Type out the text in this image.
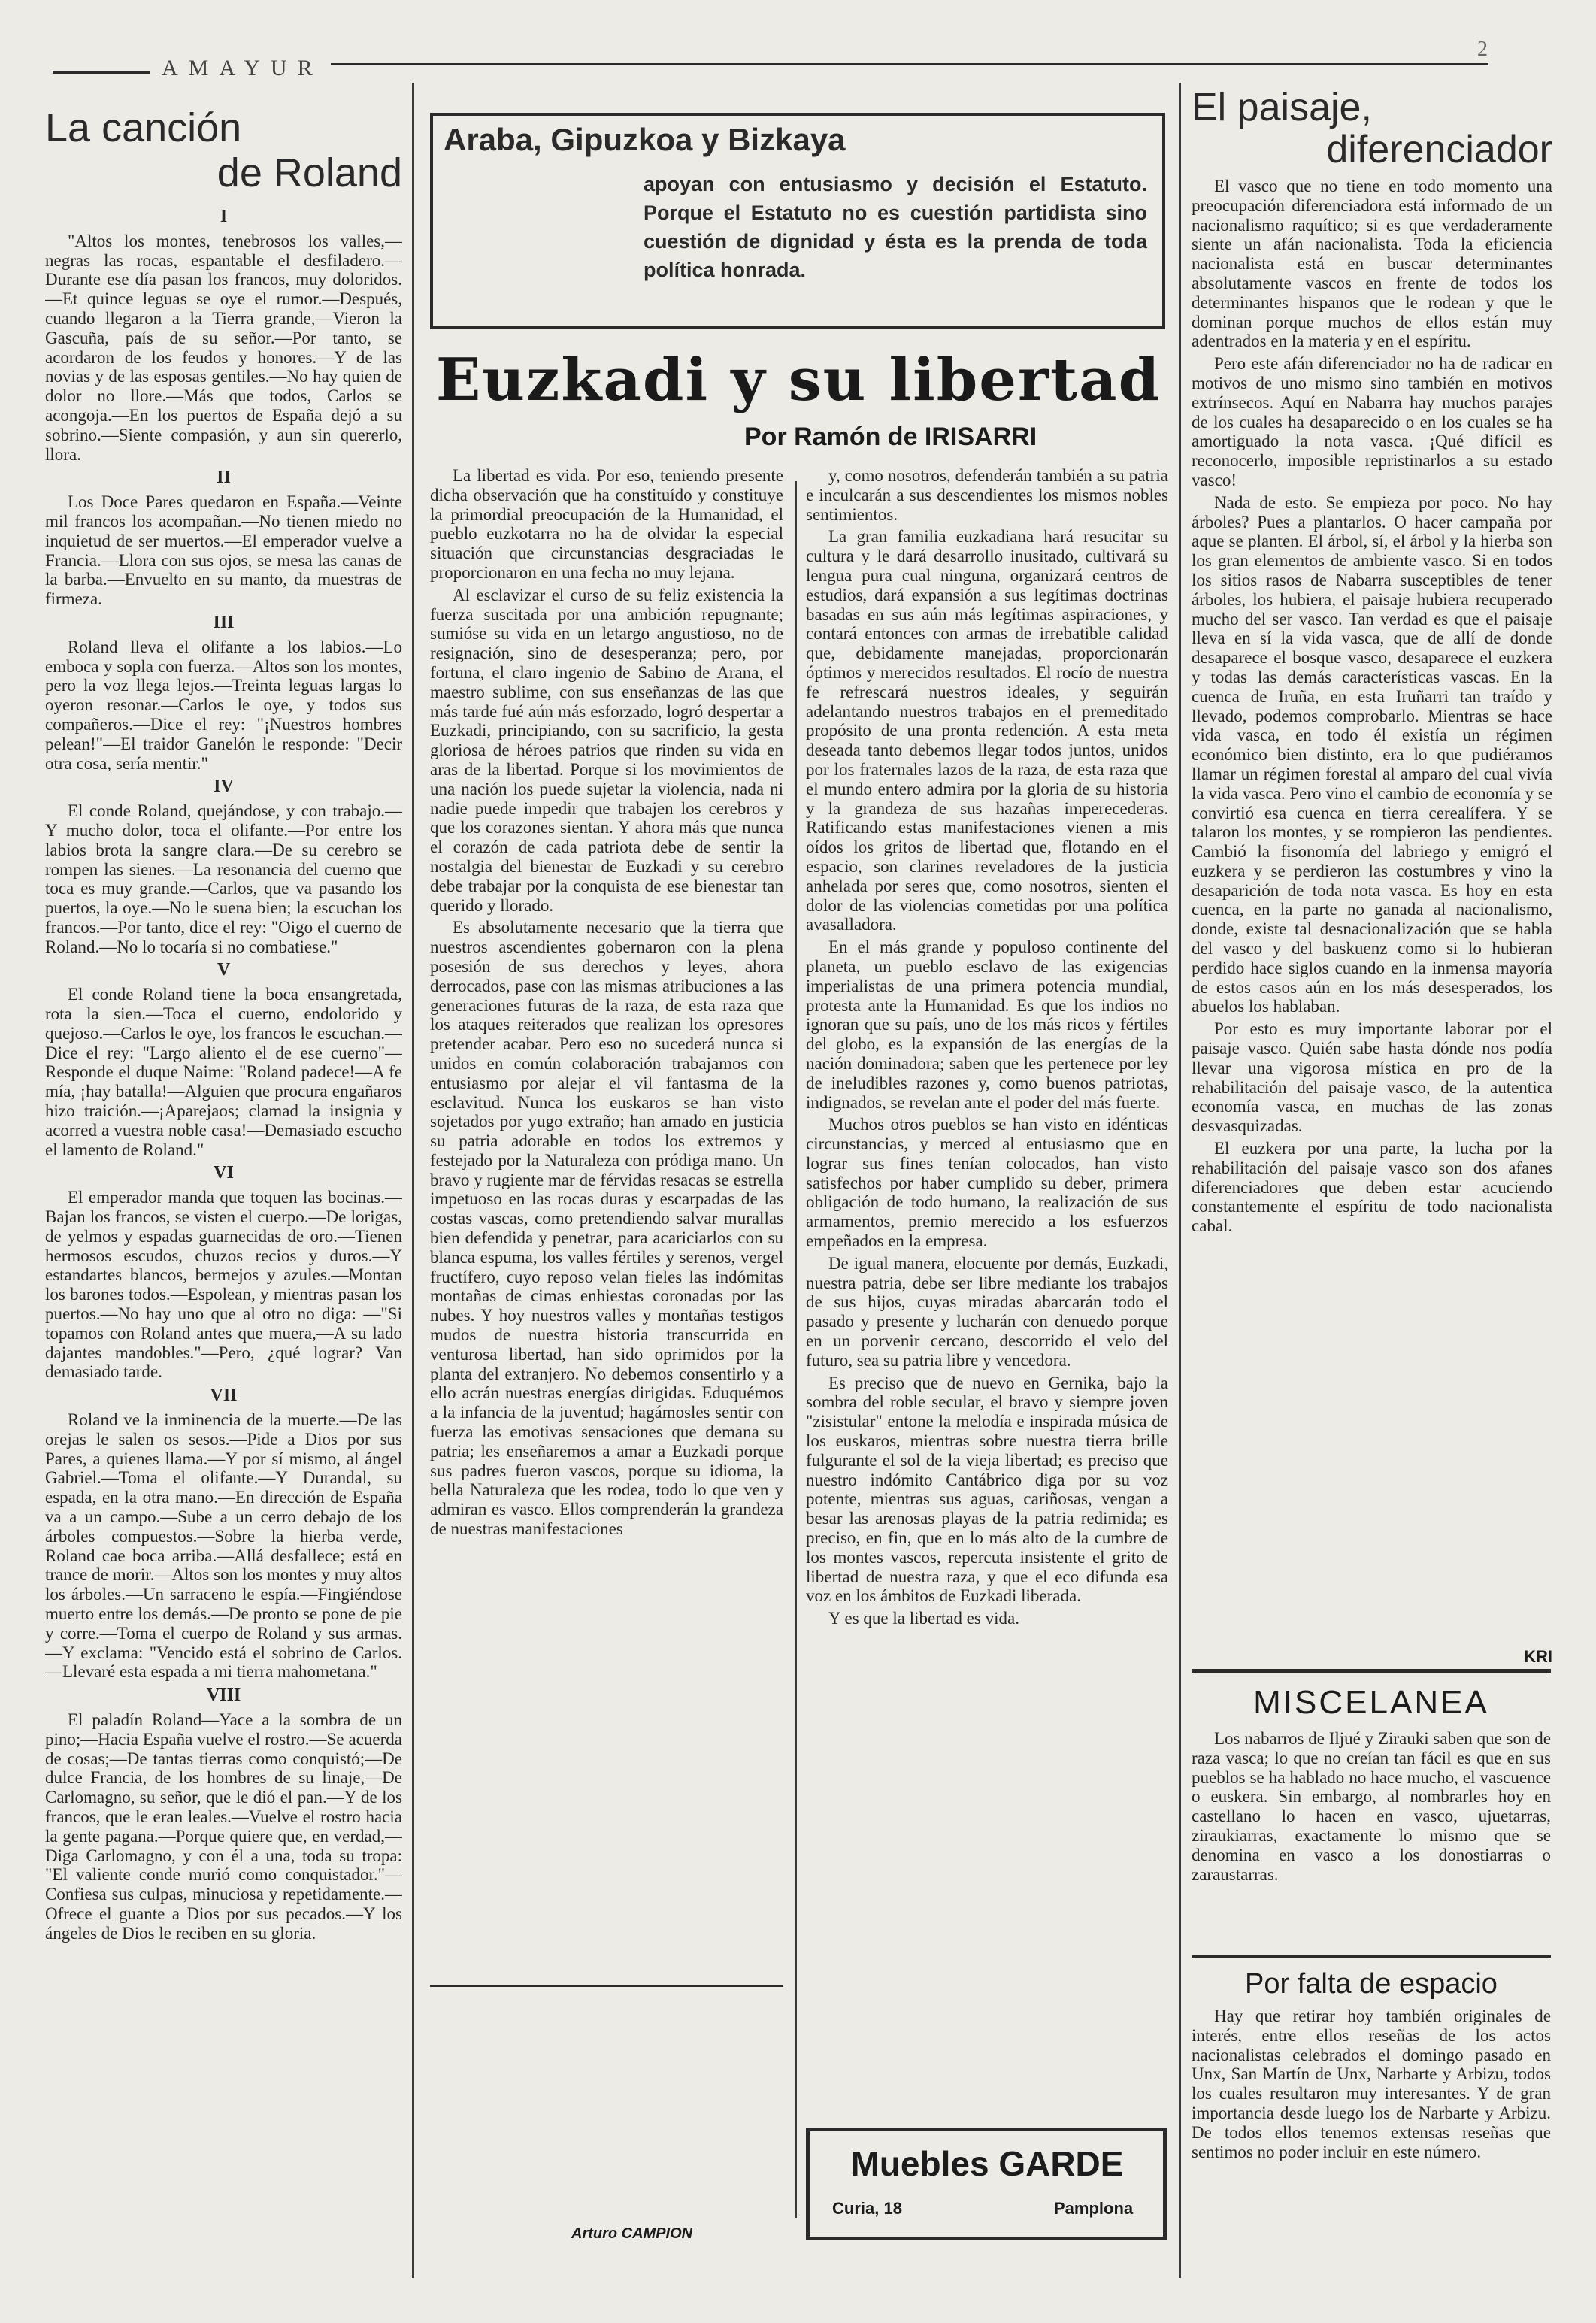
AMAYUR
2
La canción
de Roland
I

"Altos los montes, tenebrosos los valles,—negras las rocas, espantable el desfiladero.—Durante ese día pasan los francos, muy doloridos.—Et quince leguas se oye el rumor.—Después, cuando llegaron a la Tierra grande,—Vieron la Gascuña, país de su señor.—Por tanto, se acordaron de los feudos y honores.—Y de las novias y de las esposas gentiles.—No hay quien de dolor no llore.—Más que todos, Carlos se acongoja.—En los puertos de España dejó a su sobrino.—Siente compasión, y aun sin quererlo, llora.

II

Los Doce Pares quedaron en España.—Veinte mil francos los acompañan.—No tienen miedo no inquietud de ser muertos.—El emperador vuelve a Francia.—Llora con sus ojos, se mesa las canas de la barba.—Envuelto en su manto, da muestras de firmeza.

III

Roland lleva el olifante a los labios.—Lo emboca y sopla con fuerza.—Altos son los montes, pero la voz llega lejos.—Treinta leguas largas lo oyeron resonar.—Carlos le oye, y todos sus compañeros.—Dice el rey: "¡Nuestros hombres pelean!"—El traidor Ganelón le responde: "Decir otra cosa, sería mentir."

IV

El conde Roland, quejándose, y con trabajo.—Y mucho dolor, toca el olifante.—Por entre los labios brota la sangre clara.—De su cerebro se rompen las sienes.—La resonancia del cuerno que toca es muy grande.—Carlos, que va pasando los puertos, la oye.—No le suena bien; la escuchan los francos.—Por tanto, dice el rey: "Oigo el cuerno de Roland.—No lo tocaría si no combatiese."

V

El conde Roland tiene la boca ensangretada, rota la sien.—Toca el cuerno, endolorido y quejoso.—Carlos le oye, los francos le escuchan.—Dice el rey: "Largo aliento el de ese cuerno"—Responde el duque Naime: "Roland padece!—A fe mía, ¡hay batalla!—Alguien que procura engañaros hizo traición.—¡Aparejaos; clamad la insignia y acorred a vuestra noble casa!—Demasiado escucho el lamento de Roland."

VI

El emperador manda que toquen las bocinas.—Bajan los francos, se visten el cuerpo.—De lorigas, de yelmos y espadas guarnecidas de oro.—Tienen hermosos escudos, chuzos recios y duros.—Y estandartes blancos, bermejos y azules.—Montan los barones todos.—Espolean, y mientras pasan los puertos.—No hay uno que al otro no diga: —"Si topamos con Roland antes que muera,—A su lado dajantes mandobles."—Pero, ¿qué lograr? Van demasiado tarde.

VII

Roland ve la inminencia de la muerte.—De las orejas le salen os sesos.—Pide a Dios por sus Pares, a quienes llama.—Y por sí mismo, al ángel Gabriel.—Toma el olifante.—Y Durandal, su espada, en la otra mano.—En dirección de España va a un campo.—Sube a un cerro debajo de los árboles compuestos.—Sobre la hierba verde, Roland cae boca arriba.—Allá desfallece; está en trance de morir.—Altos son los montes y muy altos los árboles.—Un sarraceno le espía.—Fingiéndose muerto entre los demás.—De pronto se pone de pie y corre.—Toma el cuerpo de Roland y sus armas.—Y exclama: "Vencido está el sobrino de Carlos.—Llevaré esta espada a mi tierra mahometana."

VIII

El paladín Roland—Yace a la sombra de un pino;—Hacia España vuelve el rostro.—Se acuerda de cosas;—De tantas tierras como conquistó;—De dulce Francia, de los hombres de su linaje,—De Carlomagno, su señor, que le dió el pan.—Y de los francos, que le eran leales.—Vuelve el rostro hacia la gente pagana.—Porque quiere que, en verdad,—Diga Carlomagno, y con él a una, toda su tropa: "El valiente conde murió como conquistador."—Confiesa sus culpas, minuciosa y repetidamente.—Ofrece el guante a Dios por sus pecados.—Y los ángeles de Dios le reciben en su gloria.

Arturo CAMPION
Araba, Gipuzkoa y Bizkaya
apoyan con entusiasmo y decisión el Estatuto. Porque el Estatuto no es cuestión partidista sino cuestión de dignidad y ésta es la prenda de toda política honrada.
Euzkadi y su libertad
Por Ramón de IRISARRI

La libertad es vida. Por eso, teniendo presente dicha observación que ha constituído y constituye la primordial preocupación de la Humanidad, el pueblo euzkotarra no ha de olvidar la especial situación que circunstancias desgraciadas le proporcionaron en una fecha no muy lejana.

Al esclavizar el curso de su feliz existencia la fuerza suscitada por una ambición repugnante; sumióse su vida en un letargo angustioso, no de resignación, sino de desesperanza; pero, por fortuna, el claro ingenio de Sabino de Arana, el maestro sublime, con sus enseñanzas de las que más tarde fué aún más esforzado, logró despertar a Euzkadi, principiando, con su sacrificio, la gesta gloriosa de héroes patrios que rinden su vida en aras de la libertad. Porque si los movimientos de una nación los puede sujetar la violencia, nada ni nadie puede impedir que trabajen los cerebros y que los corazones sientan. Y ahora más que nunca el corazón de cada patriota debe de sentir la nostalgia del bienestar de Euzkadi y su cerebro debe trabajar por la conquista de ese bienestar tan querido y llorado.

Es absolutamente necesario que la tierra que nuestros ascendientes gobernaron con la plena posesión de sus derechos y leyes, ahora derrocados, pase con las mismas atribuciones a las generaciones futuras de la raza, de esta raza que los ataques reiterados que realizan los opresores pretender acabar. Pero eso no sucederá nunca si unidos en común colaboración trabajamos con entusiasmo por alejar el vil fantasma de la esclavitud. Nunca los euskaros se han visto sojetados por yugo extraño; han amado en justicia su patria adorable en todos los extremos y festejado por la Naturaleza con pródiga mano. Un bravo y rugiente mar de férvidas resacas se estrella impetuoso en las rocas duras y escarpadas de las costas vascas, como pretendiendo salvar murallas bien defendida y penetrar, para acariciarlos con su blanca espuma, los valles fértiles y serenos, vergel fructífero, cuyo reposo velan fieles las indómitas montañas de cimas enhiestas coronadas por las nubes. Y hoy nuestros valles y montañas testigos mudos de nuestra historia transcurrida en venturosa libertad, han sido oprimidos por la planta del extranjero. No debemos consentirlo y a ello acrán nuestras energías dirigidas. Eduquémos a la infancia de la juventud; hagámosles sentir con fuerza las emotivas sensaciones que demana su patria; les enseñaremos a amar a Euzkadi porque sus padres fueron vascos, porque su idioma, la bella Naturaleza que les rodea, todo lo que ven y admiran es vasco. Ellos comprenderán la grandeza de nuestras manifestaciones

y, como nosotros, defenderán también a su patria e inculcarán a sus descendientes los mismos nobles sentimientos.

La gran familia euzkadiana hará resucitar su cultura y le dará desarrollo inusitado, cultivará su lengua pura cual ninguna, organizará centros de estudios, dará expansión a sus legítimas doctrinas basadas en sus aún más legítimas aspiraciones, y contará entonces con armas de irrebatible calidad que, debidamente manejadas, proporcionarán óptimos y merecidos resultados. El rocío de nuestra fe refrescará nuestros ideales, y seguirán adelantando nuestros trabajos en el premeditado propósito de una pronta redención. A esta meta deseada tanto debemos llegar todos juntos, unidos por los fraternales lazos de la raza, de esta raza que el mundo entero admira por la gloria de su historia y la grandeza de sus hazañas imperecederas. Ratificando estas manifestaciones vienen a mis oídos los gritos de libertad que, flotando en el espacio, son clarines reveladores de la justicia anhelada por seres que, como nosotros, sienten el dolor de las violencias cometidas por una política avasalladora.

En el más grande y populoso continente del planeta, un pueblo esclavo de las exigencias imperialistas de una primera potencia mundial, protesta ante la Humanidad. Es que los indios no ignoran que su país, uno de los más ricos y fértiles del globo, es la expansión de las energías de la nación dominadora; saben que les pertenece por ley de ineludibles razones y, como buenos patriotas, indignados, se revelan ante el poder del más fuerte.

Muchos otros pueblos se han visto en idénticas circunstancias, y merced al entusiasmo que en lograr sus fines tenían colocados, han visto satisfechos por haber cumplido su deber, primera obligación de todo humano, la realización de sus armamentos, premio merecido a los esfuerzos empeñados en la empresa.

De igual manera, elocuente por demás, Euzkadi, nuestra patria, debe ser libre mediante los trabajos de sus hijos, cuyas miradas abarcarán todo el pasado y presente y lucharán con denuedo porque en un porvenir cercano, descorrido el velo del futuro, sea su patria libre y vencedora.

Es preciso que de nuevo en Gernika, bajo la sombra del roble secular, el bravo y siempre joven "zisistular" entone la melodía e inspirada música de los euskaros, mientras sobre nuestra tierra brille fulgurante el sol de la vieja libertad; es preciso que nuestro indómito Cantábrico diga por su voz potente, mientras sus aguas, cariñosas, vengan a besar las arenosas playas de la patria redimida; es preciso, en fin, que en lo más alto de la cumbre de los montes vascos, repercuta insistente el grito de libertad de nuestra raza, y que el eco difunda esa voz en los ámbitos de Euzkadi liberada.

Y es que la libertad es vida.

Muebles GARDE
Curia, 18	Pamplona
El paisaje,
diferenciador

El vasco que no tiene en todo momento una preocupación diferenciadora está informado de un nacionalismo raquítico; si es que verdaderamente siente un afán nacionalista. Toda la eficiencia nacionalista está en buscar determinantes absolutamente vascos en frente de todos los determinantes hispanos que le rodean y que le dominan porque muchos de ellos están muy adentrados en la materia y en el espíritu.

Pero este afán diferenciador no ha de radicar en motivos de uno mismo sino también en motivos extrínsecos. Aquí en Nabarra hay muchos parajes de los cuales ha desaparecido o en los cuales se ha amortiguado la nota vasca. ¡Qué difícil es reconocerlo, imposible repristinarlos a su estado vasco!

Nada de esto. Se empieza por poco. No hay árboles? Pues a plantarlos. O hacer campaña por aque se planten. El árbol, sí, el árbol y la hierba son los gran elementos de ambiente vasco. Si en todos los sitios rasos de Nabarra susceptibles de tener árboles, los hubiera, el paisaje hubiera recuperado mucho del ser vasco. Tan verdad es que el paisaje lleva en sí la vida vasca, que de allí de donde desaparece el bosque vasco, desaparece el euzkera y todas las demás características vascas. En la cuenca de Iruña, en esta Iruñarri tan traído y llevado, podemos comprobarlo. Mientras se hace vida vasca, en todo él existía un régimen económico bien distinto, era lo que pudiéramos llamar un régimen forestal al amparo del cual vivía la vida vasca. Pero vino el cambio de economía y se convirtió esa cuenca en tierra cerealífera. Y se talaron los montes, y se rompieron las pendientes. Cambió la fisonomía del labriego y emigró el euzkera y se perdieron las costumbres y vino la desaparición de toda nota vasca. Es hoy en esta cuenca, en la parte no ganada al nacionalismo, donde, existe tal desnacionalización que se habla del vasco y del baskuenz como si lo hubieran perdido hace siglos cuando en la inmensa mayoría de estos casos aún en los más desesperados, los abuelos los hablaban.

Por esto es muy importante laborar por el paisaje vasco. Quién sabe hasta dónde nos podía llevar una vigorosa mística en pro de la rehabilitación del paisaje vasco, de la autentica economía vasca, en muchas de las zonas desvasquizadas.

El euzkera por una parte, la lucha por la rehabilitación del paisaje vasco son dos afanes diferenciadores que deben estar acuciendo constantemente el espíritu de todo nacionalista cabal.

KRI
MISCELANEA

Los nabarros de Iljué y Zirauki saben que son de raza vasca; lo que no creían tan fácil es que en sus pueblos se ha hablado no hace mucho, el vascuence o euskera. Sin embargo, al nombrarles hoy en castellano lo hacen en vasco, ujuetarras, ziraukiarras, exactamente lo mismo que se denomina en vasco a los donostiarras o zaraustarras.

Por falta de espacio

Hay que retirar hoy también originales de interés, entre ellos reseñas de los actos nacionalistas celebrados el domingo pasado en Unx, San Martín de Unx, Narbarte y Arbizu, todos los cuales resultaron muy interesantes. Y de gran importancia desde luego los de Narbarte y Arbizu. De todos ellos tenemos extensas reseñas que sentimos no poder incluir en este número.
